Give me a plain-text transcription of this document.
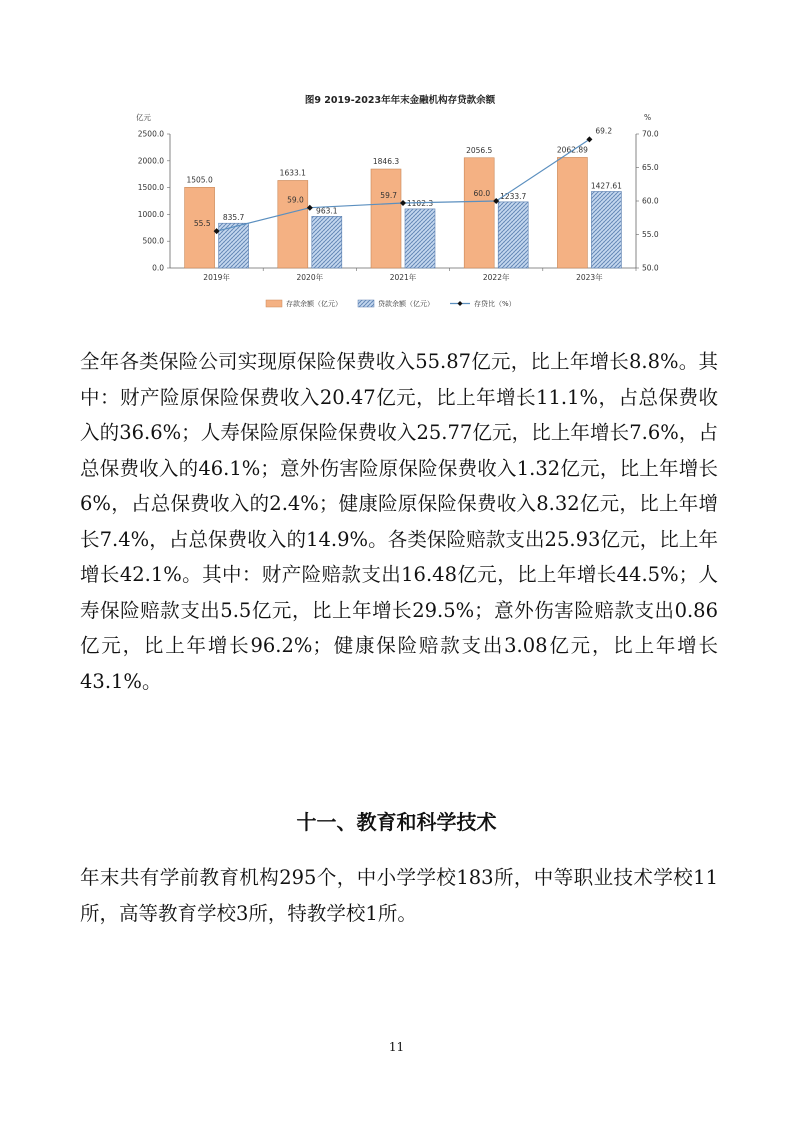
图9 2019-2023年年末金融机构存贷款余额
亿元	%
0.0
500.0
1000.0
1500.0
2000.0
2500.0
50.0
55.0
60.0
65.0
70.0
2019年
1505.0
835.7
2020年
1633.1
963.1
2021年
1846.3
1102.3
2022年
2056.5
1233.7
2023年
2062.89
1427.61
55.5
59.0
59.7	60.0
69.2
存款余额（亿元）	贷款余额（亿元）	存贷比（%）

全年各类保险公司实现原保险保费收入55.87亿元，比上年增长8.8%。其中：财产险原保险保费收入20.47亿元，比上年增长11.1%，占总保费收入的36.6%；人寿保险原保险保费收入25.77亿元，比上年增长7.6%，占总保费收入的46.1%；意外伤害险原保险保费收入1.32亿元，比上年增长6%，占总保费收入的2.4%；健康险原保险保费收入8.32亿元，比上年增长7.4%，占总保费收入的14.9%。各类保险赔款支出25.93亿元，比上年增长42.1%。其中：财产险赔款支出16.48亿元，比上年增长44.5%；人寿保险赔款支出5.5亿元，比上年增长29.5%；意外伤害险赔款支出0.86亿元，比上年增长96.2%；健康保险赔款支出3.08亿元，比上年增长43.1%。

十一、教育和科学技术

年末共有学前教育机构295个，中小学学校183所，中等职业技术学校11所，高等教育学校3所，特教学校1所。

11
